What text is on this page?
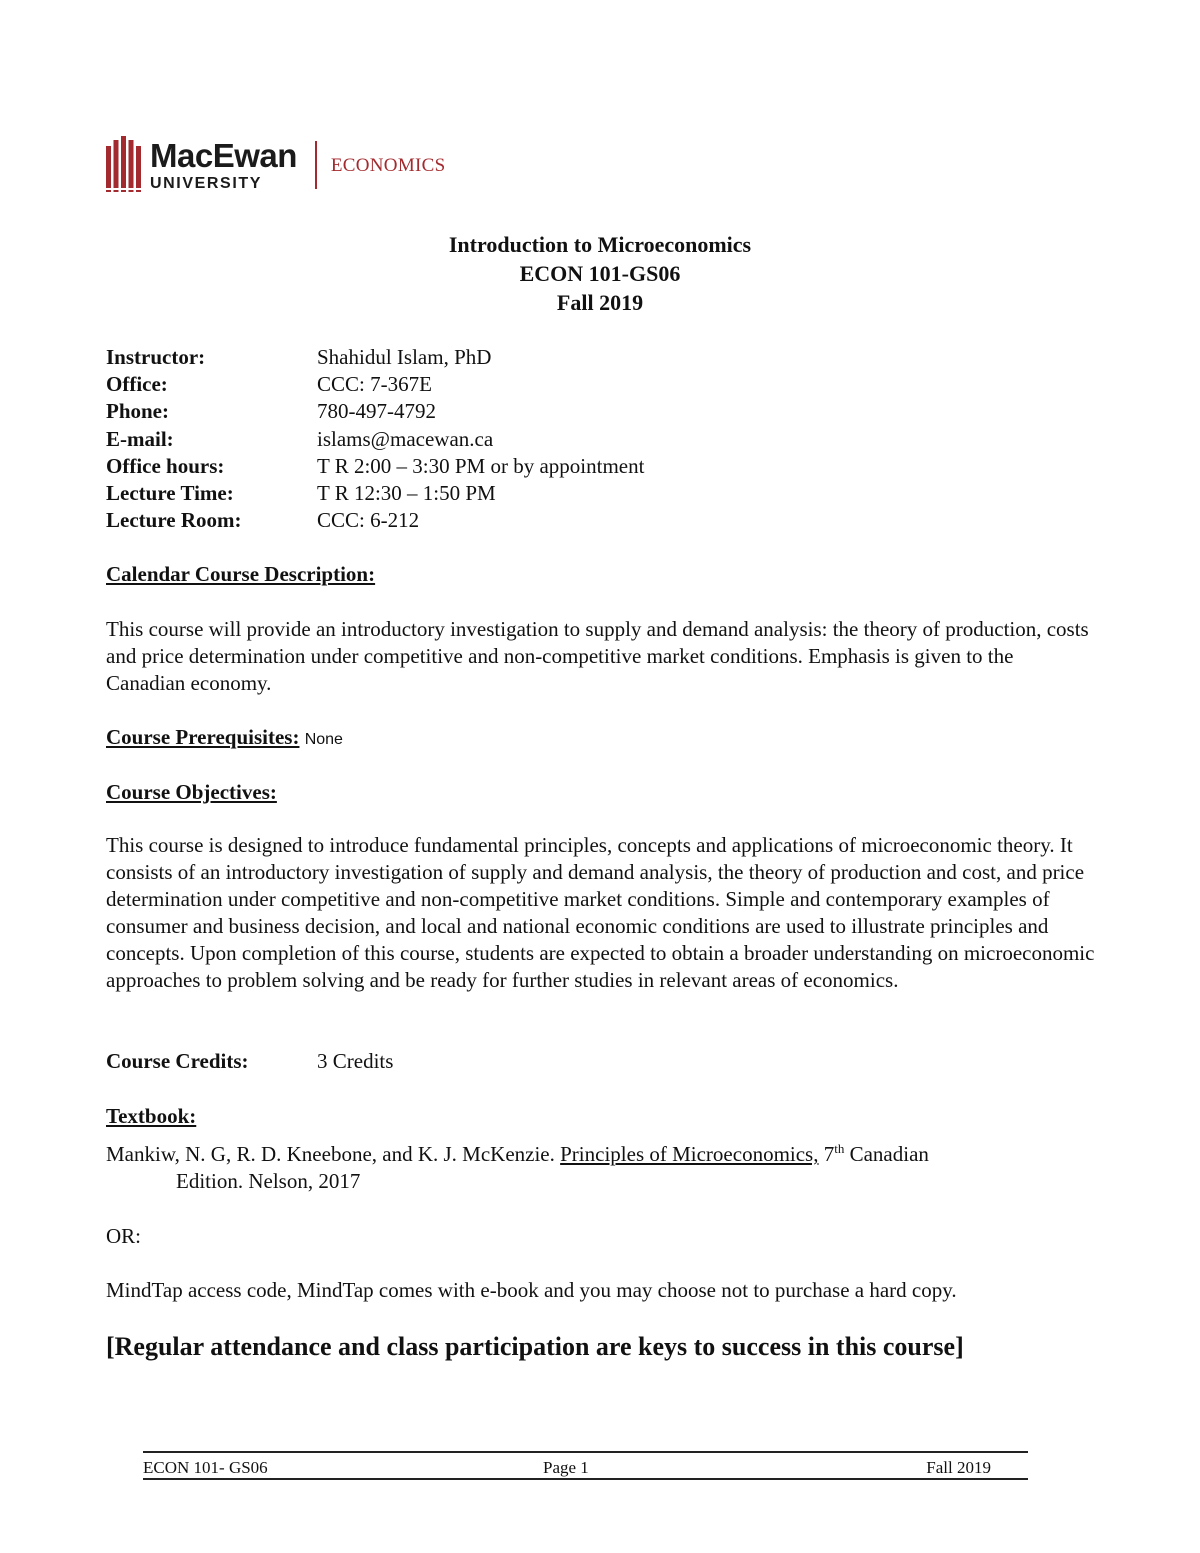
MacEwan
UNIVERSITY
ECONOMICS
Introduction to Microeconomics
ECON 101-GS06
Fall 2019
Instructor:	Shahidul Islam, PhD
Office:	CCC: 7-367E
Phone:	780-497-4792
E-mail:	islams@macewan.ca
Office hours:	T R 2:00 – 3:30 PM or by appointment
Lecture Time:	T R 12:30 – 1:50 PM
Lecture Room:	CCC: 6-212
Calendar Course Description:
This course will provide an introductory investigation to supply and demand analysis: the theory of production, costs and price determination under competitive and non-competitive market conditions. Emphasis is given to the Canadian economy.
Course Prerequisites: None
Course Objectives:
This course is designed to introduce fundamental principles, concepts and applications of microeconomic theory. It consists of an introductory investigation of supply and demand analysis, the theory of production and cost, and price determination under competitive and non-competitive market conditions. Simple and contemporary examples of consumer and business decision, and local and national economic conditions are used to illustrate principles and concepts. Upon completion of this course, students are expected to obtain a broader understanding on microeconomic approaches to problem solving and be ready for further studies in relevant areas of economics.
Course Credits:	3 Credits
Textbook:
Mankiw, N. G, R. D. Kneebone, and K. J. McKenzie. Principles of Microeconomics, 7th Canadian
Edition. Nelson, 2017
OR:
MindTap access code, MindTap comes with e-book and you may choose not to purchase a hard copy.
[Regular attendance and class participation are keys to success in this course]
ECON 101- GS06	Page 1	Fall 2019
